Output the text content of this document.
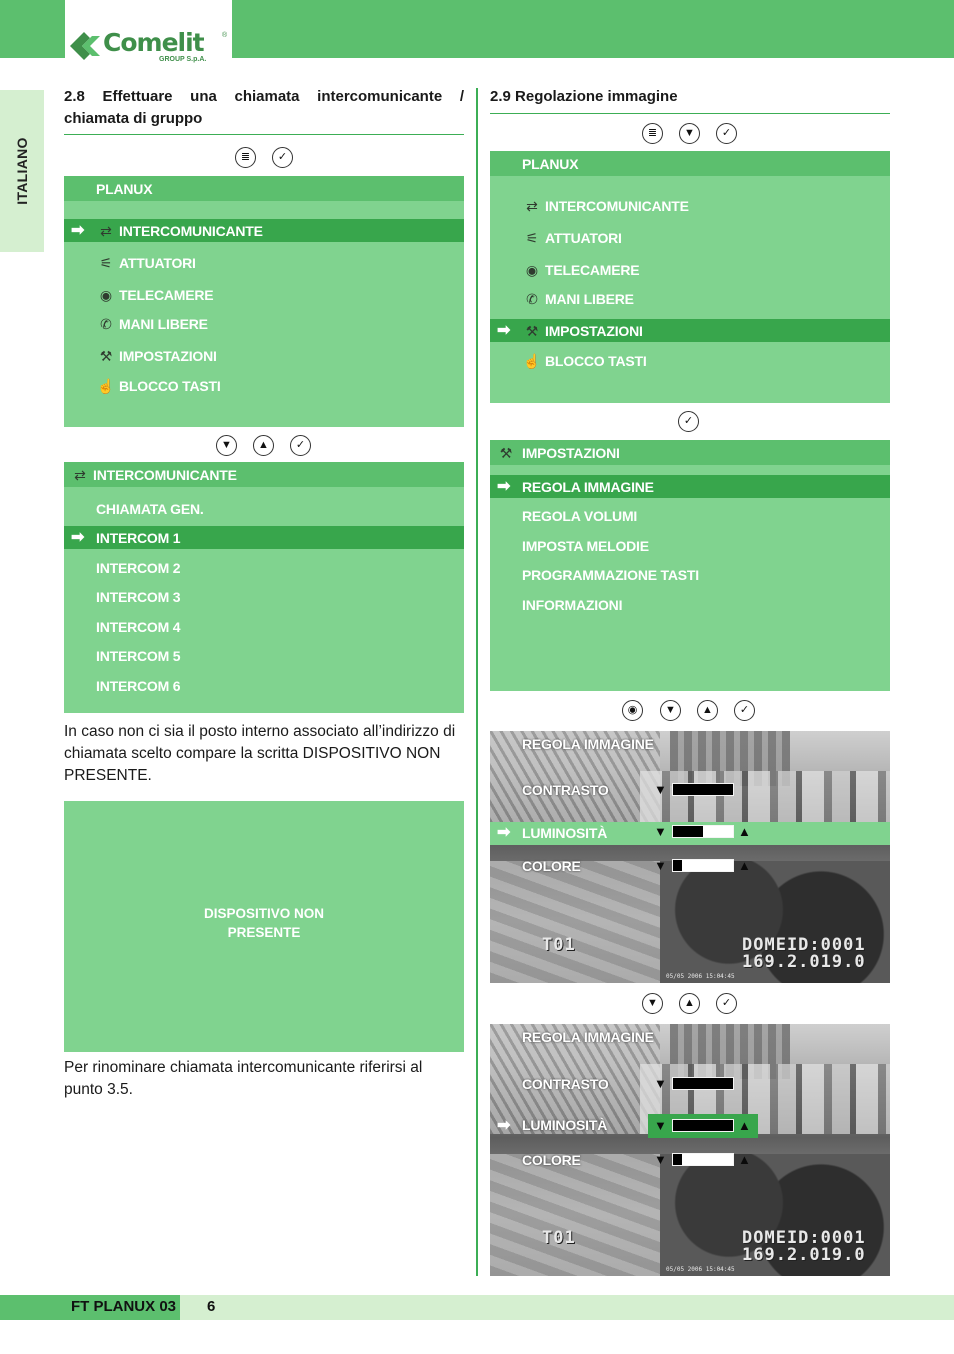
Comelit	®
GROUP S.p.A.
ITALIANO
2.8 Effettuare una chiamata intercomunicante / chiamata di gruppo
≣	✓
PLANUX
➡ ⇄ INTERCOMUNICANTE
⚟ ATTUATORI
◉ TELECAMERE
✆ MANI LIBERE
⚒ IMPOSTAZIONI
☝ BLOCCO TASTI
▼	▲	✓
⇄ INTERCOMUNICANTE
CHIAMATA GEN.
➡ INTERCOM 1
INTERCOM 2
INTERCOM 3
INTERCOM 4
INTERCOM 5
INTERCOM 6
In caso non ci sia il posto interno associato all’indirizzo di chiamata scelto compare la scritta DISPOSITIVO NON PRESENTE.
DISPOSITIVO NON
PRESENTE
Per rinominare chiamata intercomunicante riferirsi al punto 3.5.
2.9 Regolazione immagine
≣	▼	✓
PLANUX
⇄ INTERCOMUNICANTE
⚟ ATTUATORI
◉ TELECAMERE
✆ MANI LIBERE
➡ ⚒ IMPOSTAZIONI
☝ BLOCCO TASTI
✓
⚒ IMPOSTAZIONI
➡ REGOLA IMMAGINE
REGOLA VOLUMI
IMPOSTA MELODIE
PROGRAMMAZIONE TASTI
INFORMAZIONI
◉	▼	▲	✓
REGOLA IMMAGINE
CONTRASTO	▼
➡ LUMINOSITÀ	▼	▲
COLORE	▼	▲
T01	DOMEID:0001
169.2.019.0
05/05 2006 15:04:45
▼	▲	✓
REGOLA IMMAGINE
CONTRASTO	▼
➡ LUMINOSITÀ	▼	▲
COLORE	▼	▲
T01	DOMEID:0001
169.2.019.0
05/05 2006 15:04:45
FT PLANUX 03 6
